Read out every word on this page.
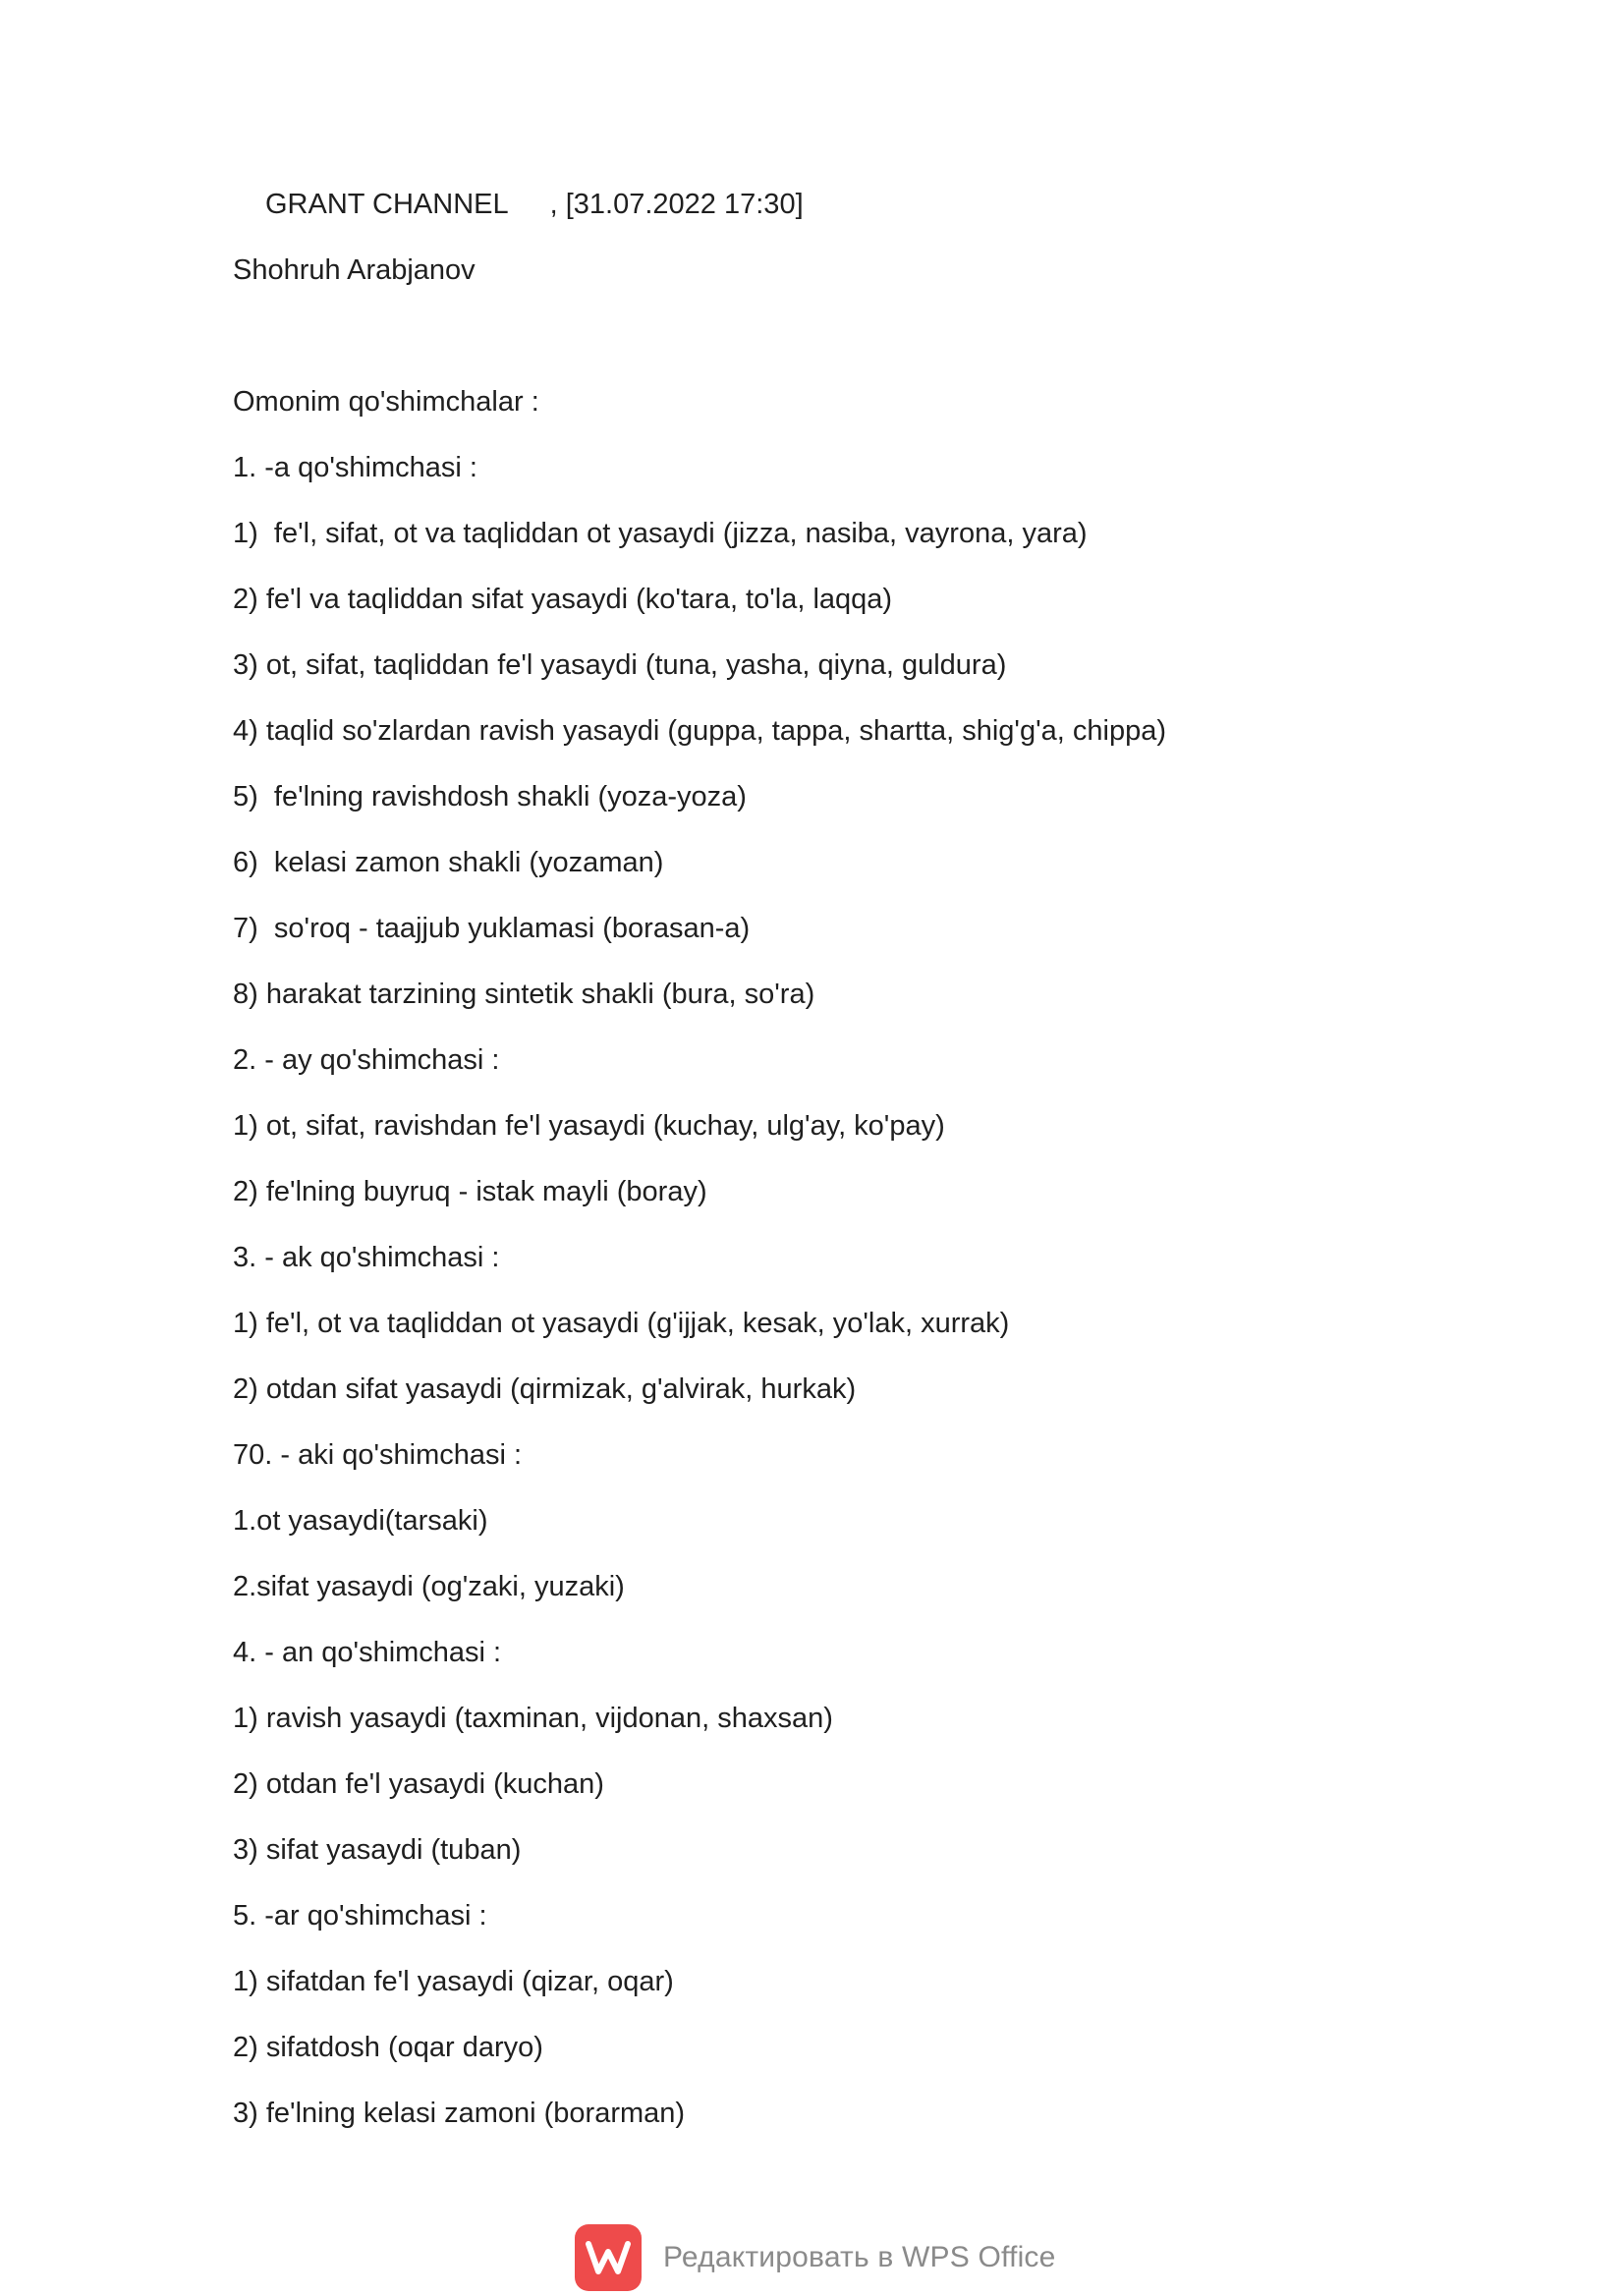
GRANT CHANNEL , [31.07.2022 17:30]
Shohruh Arabjanov
Omonim qo'shimchalar :
1. -a qo'shimchasi :
1)  fe'l, sifat, ot va taqliddan ot yasaydi (jizza, nasiba, vayrona, yara)
2) fe'l va taqliddan sifat yasaydi (ko'tara, to'la, laqqa)
3) ot, sifat, taqliddan fe'l yasaydi (tuna, yasha, qiyna, guldura)
4) taqlid so'zlardan ravish yasaydi (guppa, tappa, shartta, shig'g'a, chippa)
5)  fe'lning ravishdosh shakli (yoza-yoza)
6)  kelasi zamon shakli (yozaman)
7)  so'roq - taajjub yuklamasi (borasan-a)
8) harakat tarzining sintetik shakli (bura, so'ra)
2. - ay qo'shimchasi :
1) ot, sifat, ravishdan fe'l yasaydi (kuchay, ulg'ay, ko'pay)
2) fe'lning buyruq - istak mayli (boray)
3. - ak qo'shimchasi :
1) fe'l, ot va taqliddan ot yasaydi (g'ijjak, kesak, yo'lak, xurrak)
2) otdan sifat yasaydi (qirmizak, g'alvirak, hurkak)
70. - aki qo'shimchasi :
1.ot yasaydi(tarsaki)
2.sifat yasaydi (og'zaki, yuzaki)
4. - an qo'shimchasi :
1) ravish yasaydi (taxminan, vijdonan, shaxsan)
2) otdan fe'l yasaydi (kuchan)
3) sifat yasaydi (tuban)
5. -ar qo'shimchasi :
1) sifatdan fe'l yasaydi (qizar, oqar)
2) sifatdosh (oqar daryo)
3) fe'lning kelasi zamoni (borarman)
Редактировать в WPS Office
